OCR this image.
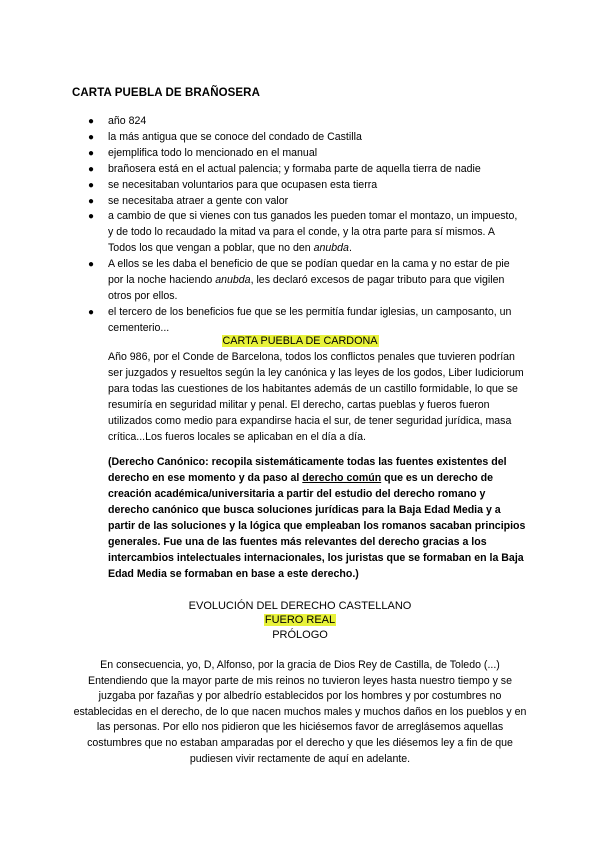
CARTA PUEBLA DE BRAÑOSERA
● año 824
● la más antigua que se conoce del condado de Castilla
● ejemplifica todo lo mencionado en el manual
● brañosera está en el actual palencia; y formaba parte de aquella tierra de nadie
● se necesitaban voluntarios para que ocupasen esta tierra
● se necesitaba atraer a gente con valor
● a cambio de que si vienes con tus ganados les pueden tomar el montazo, un impuesto, y de todo lo recaudado la mitad va para el conde, y la otra parte para sí mismos. A Todos los que vengan a poblar, que no den anubda.
● A ellos se les daba el beneficio de que se podían quedar en la cama y no estar de pie por la noche haciendo anubda, les declaró excesos de pagar tributo para que vigilen otros por ellos.
● el tercero de los beneficios fue que se les permitía fundar iglesias, un camposanto, un cementerio...
CARTA PUEBLA DE CARDONA
Año 986, por el Conde de Barcelona, todos los conflictos penales que tuvieren podrían ser juzgados y resueltos según la ley canónica y las leyes de los godos, Liber Iudiciorum para todas las cuestiones de los habitantes además de un castillo formidable, lo que se resumiría en seguridad militar y penal. El derecho, cartas pueblas y fueros fueron utilizados como medio para expandirse hacia el sur, de tener seguridad jurídica, masa crítica...Los fueros locales se aplicaban en el día a día.
(Derecho Canónico: recopila sistemáticamente todas las fuentes existentes del derecho en ese momento y da paso al derecho común que es un derecho de creación académica/universitaria a partir del estudio del derecho romano y derecho canónico que busca soluciones jurídicas para la Baja Edad Media y a partir de las soluciones y la lógica que empleaban los romanos sacaban principios generales. Fue una de las fuentes más relevantes del derecho gracias a los intercambios intelectuales internacionales, los juristas que se formaban en la Baja Edad Media se formaban en base a este derecho.)
EVOLUCIÓN DEL DERECHO CASTELLANO
FUERO REAL
PRÓLOGO
En consecuencia, yo, D, Alfonso, por la gracia de Dios Rey de Castilla, de Toledo (...) Entendiendo que la mayor parte de mis reinos no tuvieron leyes hasta nuestro tiempo y se juzgaba por fazañas y por albedrío establecidos por los hombres y por costumbres no establecidas en el derecho, de lo que nacen muchos males y muchos daños en los pueblos y en las personas. Por ello nos pidieron que les hiciésemos favor de arreglásemos aquellas costumbres que no estaban amparadas por el derecho y que les diésemos ley a fin de que pudiesen vivir rectamente de aquí en adelante.
